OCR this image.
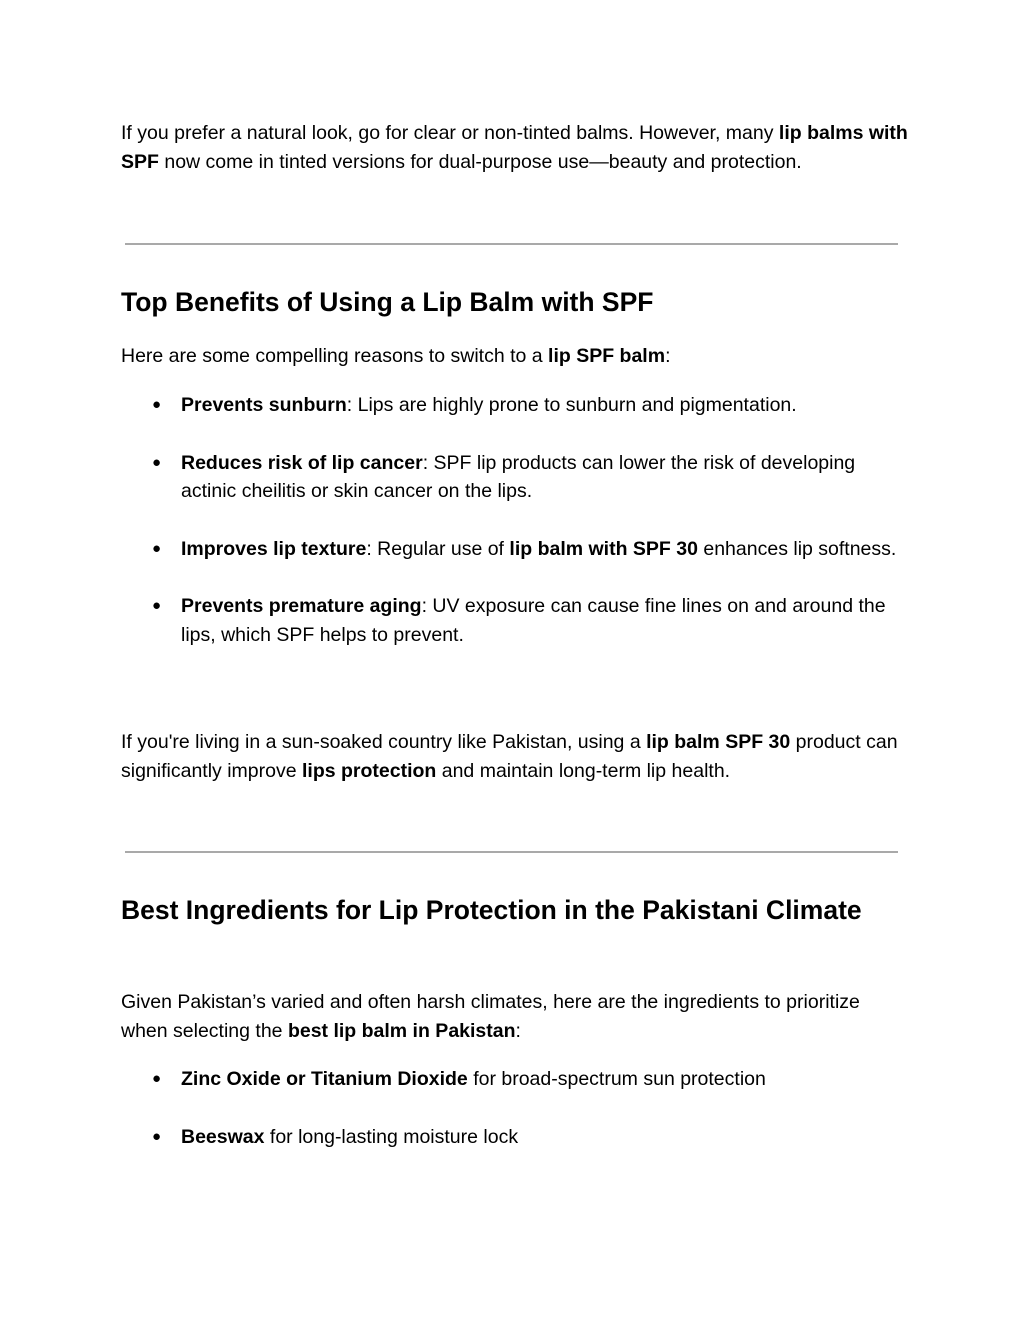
If you prefer a natural look, go for clear or non-tinted balms. However, many lip balms with SPF now come in tinted versions for dual-purpose use—beauty and protection.

Top Benefits of Using a Lip Balm with SPF

Here are some compelling reasons to switch to a lip SPF balm:

● Prevents sunburn: Lips are highly prone to sunburn and pigmentation.
● Reduces risk of lip cancer: SPF lip products can lower the risk of developing actinic cheilitis or skin cancer on the lips.
● Improves lip texture: Regular use of lip balm with SPF 30 enhances lip softness.
● Prevents premature aging: UV exposure can cause fine lines on and around the lips, which SPF helps to prevent.

If you're living in a sun-soaked country like Pakistan, using a lip balm SPF 30 product can significantly improve lips protection and maintain long-term lip health.

Best Ingredients for Lip Protection in the Pakistani Climate

Given Pakistan’s varied and often harsh climates, here are the ingredients to prioritize when selecting the best lip balm in Pakistan:

● Zinc Oxide or Titanium Dioxide for broad-spectrum sun protection
● Beeswax for long-lasting moisture lock
